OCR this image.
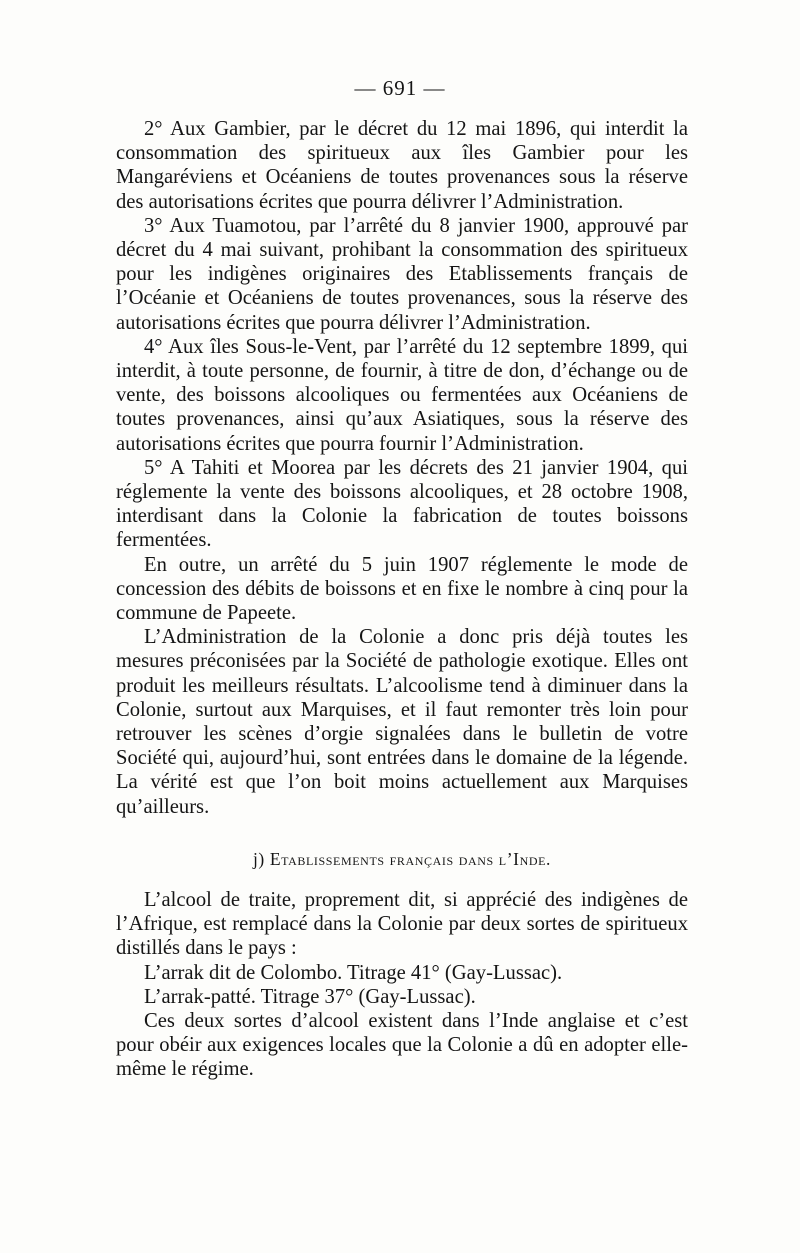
— 691 —

2° Aux Gambier, par le décret du 12 mai 1896, qui interdit la consommation des spiritueux aux îles Gambier pour les Mangaréviens et Océaniens de toutes provenances sous la réserve des autorisations écrites que pourra délivrer l’Administration.

3° Aux Tuamotou, par l’arrêté du 8 janvier 1900, approuvé par décret du 4 mai suivant, prohibant la consommation des spiritueux pour les indigènes originaires des Etablissements français de l’Océanie et Océaniens de toutes provenances, sous la réserve des autorisations écrites que pourra délivrer l’Administration.

4° Aux îles Sous-le-Vent, par l’arrêté du 12 septembre 1899, qui interdit, à toute personne, de fournir, à titre de don, d’échange ou de vente, des boissons alcooliques ou fermentées aux Océaniens de toutes provenances, ainsi qu’aux Asiatiques, sous la réserve des autorisations écrites que pourra fournir l’Administration.

5° A Tahiti et Moorea par les décrets des 21 janvier 1904, qui réglemente la vente des boissons alcooliques, et 28 octobre 1908, interdisant dans la Colonie la fabrication de toutes boissons fermentées.

En outre, un arrêté du 5 juin 1907 réglemente le mode de concession des débits de boissons et en fixe le nombre à cinq pour la commune de Papeete.

L’Administration de la Colonie a donc pris déjà toutes les mesures préconisées par la Société de pathologie exotique. Elles ont produit les meilleurs résultats. L’alcoolisme tend à diminuer dans la Colonie, surtout aux Marquises, et il faut remonter très loin pour retrouver les scènes d’orgie signalées dans le bulletin de votre Société qui, aujourd’hui, sont entrées dans le domaine de la légende. La vérité est que l’on boit moins actuellement aux Marquises qu’ailleurs.

j) Etablissements français dans l’Inde.

L’alcool de traite, proprement dit, si apprécié des indigènes de l’Afrique, est remplacé dans la Colonie par deux sortes de spiritueux distillés dans le pays :

L’arrak dit de Colombo. Titrage 41° (Gay-Lussac).

L’arrak-patté. Titrage 37° (Gay-Lussac).

Ces deux sortes d’alcool existent dans l’Inde anglaise et c’est pour obéir aux exigences locales que la Colonie a dû en adopter elle-même le régime.
